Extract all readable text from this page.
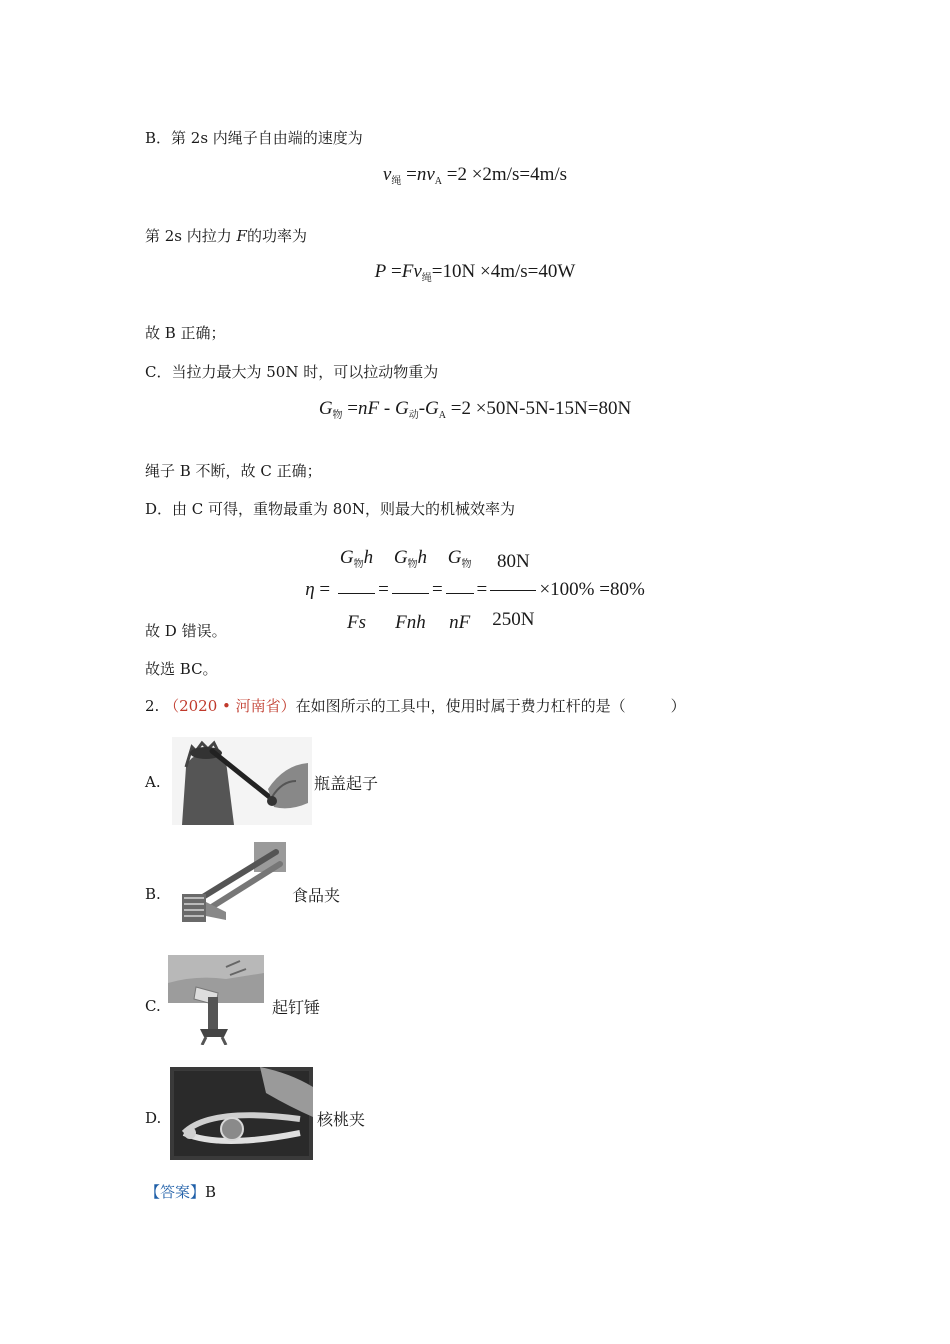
B．第 2s 内绳子自由端的速度为
$v_绳 =nv_A =2 \times 2m/s=4m/s$
第 2s 内拉力 F的功率为
$P =Fv_绳=10N \times 4m/s=40W$
故 B 正确；
C．当拉力最大为 50N 时，可以拉动物重为
$G_物 =nF - G_动-G_A =2 \times 50N-5N-15N=80N$
绳子 B 不断，故 C 正确；
D．由 C 可得，重物最重为 80N，则最大的机械效率为
$\eta = \frac{G_物h}{Fs} = \frac{G_物h}{\text{Fnh}} = \frac{G_物}{nF} = \frac{80N}{250N} \times 100\% =80\%$
故 D 错误。
故选 BC。
2. （2020 • 河南省）在如图所示的工具中，使用时属于费力杠杆的是（　　　）
A.	瓶盖起子
B.	食品夹
C.	起钉锤
D.	核桃夹
【答案】B
